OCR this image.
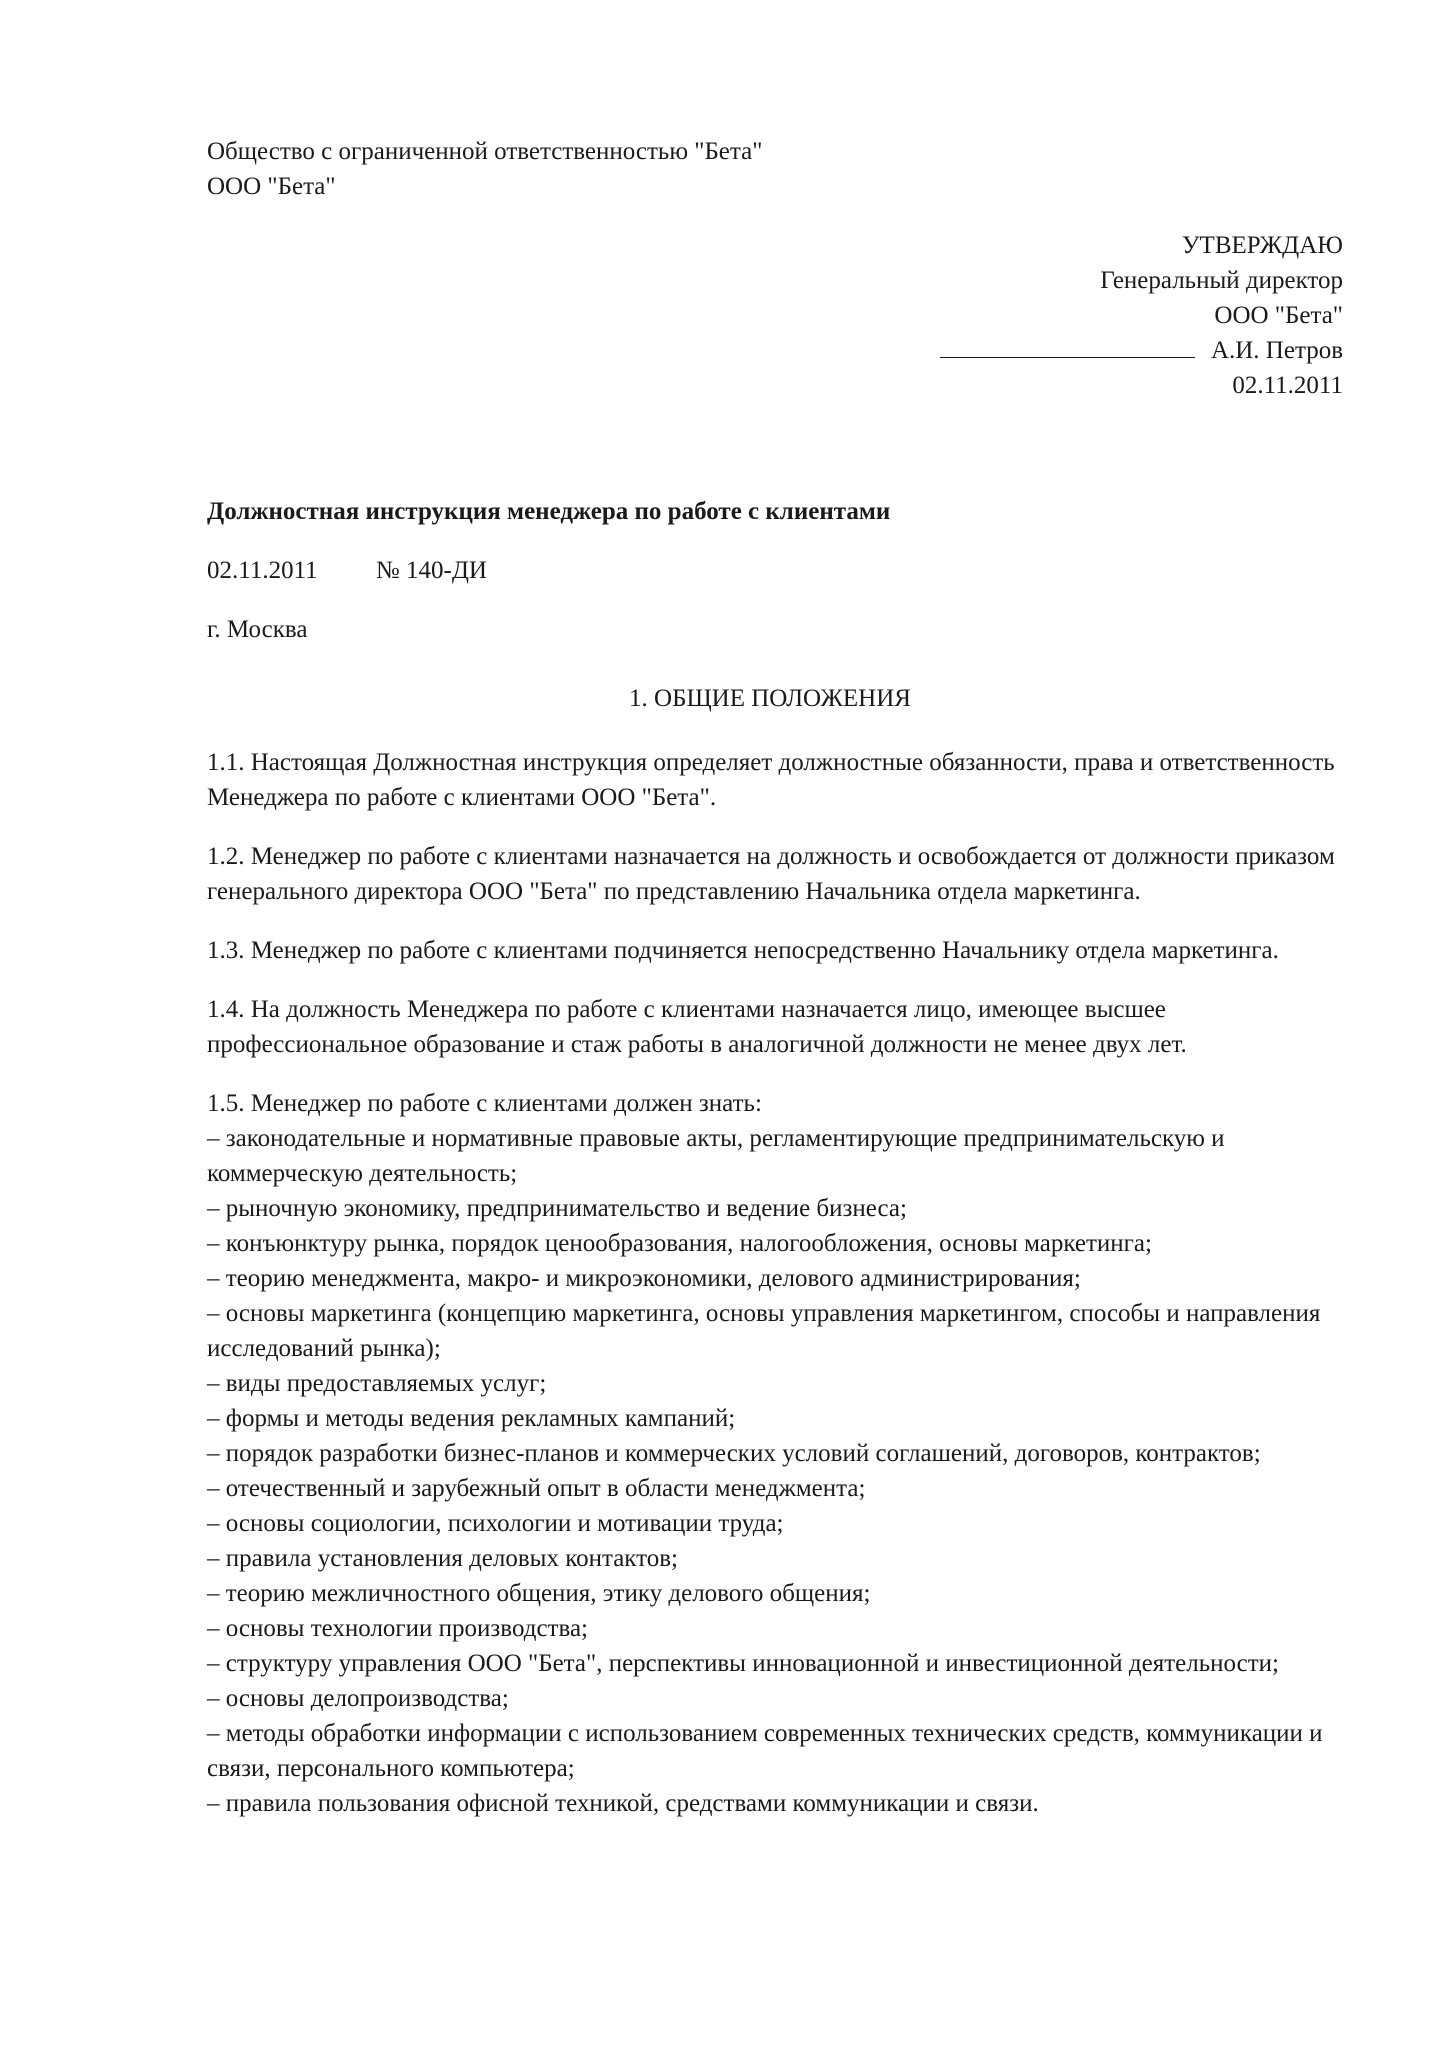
Общество с ограниченной ответственностью "Бета"
ООО "Бета"
УТВЕРЖДАЮ
Генеральный директор
ООО "Бета"
А.И. Петров
02.11.2011
Должностная инструкция менеджера по работе с клиентами
02.11.2011 № 140-ДИ
г. Москва
1. ОБЩИЕ ПОЛОЖЕНИЯ

1.1. Настоящая Должностная инструкция определяет должностные обязанности, права и ответственность Менеджера по работе с клиентами ООО "Бета".

1.2. Менеджер по работе с клиентами назначается на должность и освобождается от должности приказом генерального директора ООО "Бета" по представлению Начальника отдела маркетинга.

1.3. Менеджер по работе с клиентами подчиняется непосредственно Начальнику отдела маркетинга.

1.4. На должность Менеджера по работе с клиентами назначается лицо, имеющее высшее профессиональное образование и стаж работы в аналогичной должности не менее двух лет.

1.5. Менеджер по работе с клиентами должен знать:

– законодательные и нормативные правовые акты, регламентирующие предпринимательскую и коммерческую деятельность;

– рыночную экономику, предпринимательство и ведение бизнеса;

– конъюнктуру рынка, порядок ценообразования, налогообложения, основы маркетинга;

– теорию менеджмента, макро- и микроэкономики, делового администрирования;

– основы маркетинга (концепцию маркетинга, основы управления маркетингом, способы и направления исследований рынка);

– виды предоставляемых услуг;

– формы и методы ведения рекламных кампаний;

– порядок разработки бизнес-планов и коммерческих условий соглашений, договоров, контрактов;

– отечественный и зарубежный опыт в области менеджмента;

– основы социологии, психологии и мотивации труда;

– правила установления деловых контактов;

– теорию межличностного общения, этику делового общения;

– основы технологии производства;

– структуру управления ООО "Бета", перспективы инновационной и инвестиционной деятельности;

– основы делопроизводства;

– методы обработки информации с использованием современных технических средств, коммуникации и связи, персонального компьютера;

– правила пользования офисной техникой, средствами коммуникации и связи.
